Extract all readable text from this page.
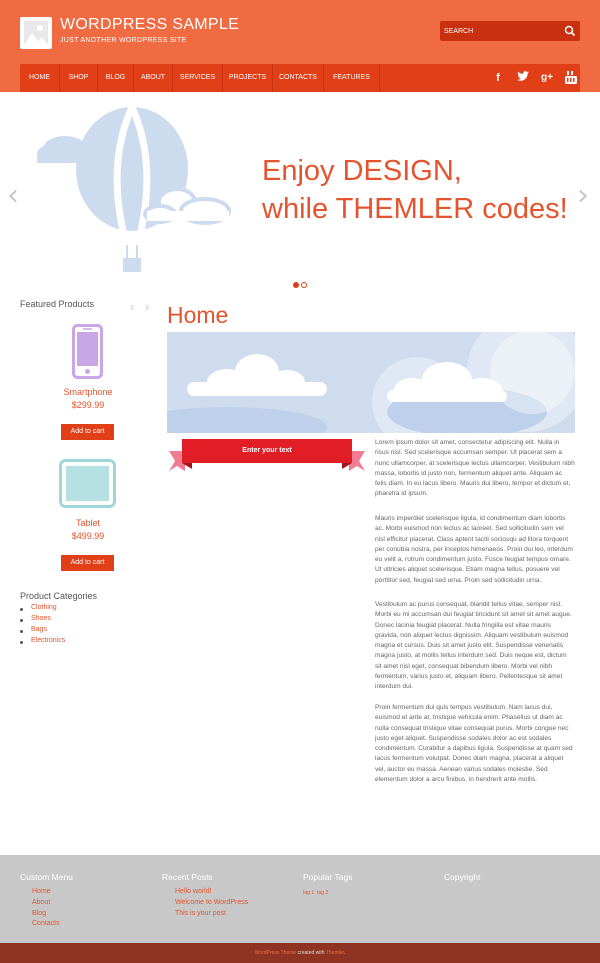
WORDPRESS SAMPLE
JUST ANOTHER WORDPRESS SITE
SEARCH
HOME	SHOP	BLOG	ABOUT	SERVICES	PROJECTS	CONTACTS	FEATURES	f	g+
‹	›
Enjoy DESIGN,
while THEMLER codes!
Featured Products	‹ ›
Smartphone
$299.99
Add to cart
Tablet
$499.99
Add to cart
Product Categories
Clothing
Shoes
Bags
Electronics
Home
Enter your text
Lorem ipsum dolor sit amet, consectetur adipiscing elit. Nulla in risus nisl. Sed scelerisque accumsan semper. Ut placerat sem a nunc ullamcorper, at scelerisque lectus ullamcorper. Vestibulum nibh massa, lobortis id justo non, fermentum aliquet ante. Aliquam ac felis diam. In eu lacus libero. Mauris dui libero, tempor et dictum et, pharetra id ipsum.
Mauris imperdiet scelerisque ligula, id condimentum diam lobortis ac. Morbi euismod non lectus ac laoreet. Sed sollicitudin sem vel nisl efficitur placerat. Class aptent taciti sociosqu ad litora torquent per conubia nostra, per inceptos himenaeos. Proin dui leo, interdum eu velit a, rutrum condimentum justo. Fusce feugiat tempus ornare. Ut ultricies aliquet scelerisque. Etiam magna tellus, posuere vel porttitor sed, feugiat sed urna. Proin sed sollicitudin urna.
Vestibulum ac purus consequat, blandit tellus vitae, semper nisl. Morbi eu mi accumsan dui feugiat tincidunt sit amet sit amet augue. Donec lacinia feugiat placerat. Nulla fringilla est vitae mauris gravida, non aliquet lectus dignissim. Aliquam vestibulum euismod magna et cursus. Duis sit amet justo elit. Suspendisse venenatis magna justo, at mollis tellus interdum sed. Duis neque est, dictum sit amet nisl eget, consequat bibendum libero. Morbi vel nibh fermentum, varius justo et, aliquam libero. Pellentesque sit amet interdum dui.
Proin fermentum dui quis tempus vestibulum. Nam lacus dui, euismod et ante at, tristique vehicula enim. Phasellus ut diam ac nulla consequat tristique vitae consequat purus. Morbi congue nec justo eget aliquet. Suspendisse sodales dolor ac est sodales condimentum. Curabitur a dapibus ligula. Suspendisse at quam sed lacus fermentum volutpat. Donec diam magna, placerat a aliquet vel, auctor eu massa. Aenean varius sodales molestie. Sed elementum dolor a arcu finibus, in hendrerit ante mollis.
Custom Menu
Home
About
Blog
Contacts
Recent Posts
Hello world!
Welcome to WordPress
This is your post
Popular Tags
tag 1 tag 2
Copyright
WordPress Theme created with Themler.
